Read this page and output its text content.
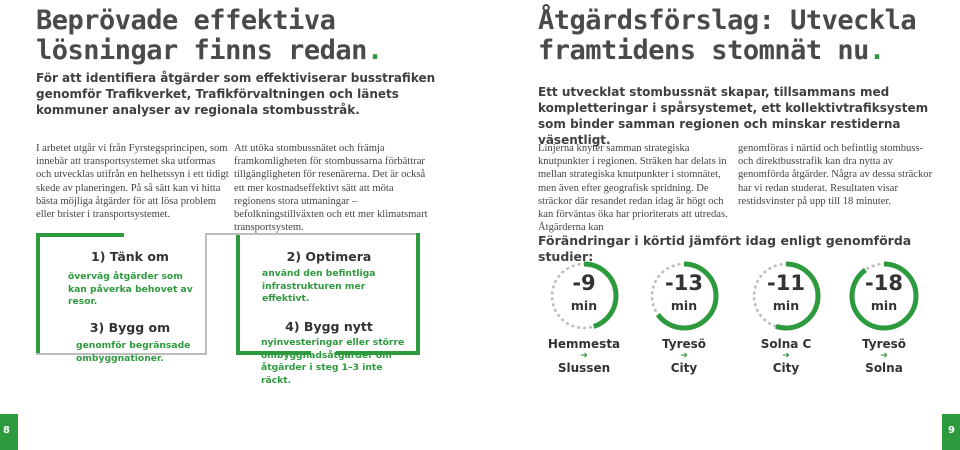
Beprövade effektiva
lösningar finns redan.
För att identifiera åtgärder som effektiviserar busstrafiken genomför Trafikverket, Trafikförvaltningen och länets kommuner analyser av regionala stombusstråk.
I arbetet utgår vi från Fyrstegsprincipen, som innebär att transportsystemet ska utformas och utvecklas utifrån en helhetssyn i ett tidigt skede av planeringen. På så sätt kan vi hitta bästa möjliga åtgärder för att lösa problem eller brister i transportsystemet.
Att utöka stombussnätet och främja framkomligheten för stombussarna förbättrar tillgängligheten för resenärerna. Det är också ett mer kostnadseffektivt sätt att möta regionens stora utmaningar – befolkningstillväxten och ett mer klimatsmart transportsystem.
1) Tänk om
överväg åtgärder som kan påverka behovet av resor.
2) Optimera
använd den befintliga infrastrukturen mer effektivt.
3) Bygg om
genomför begränsade ombyggnationer.
4) Bygg nytt
nyinvesteringar eller större ombyggnadsåtgärder om åtgärder i steg 1–3 inte räckt.
8
Åtgärdsförslag: Utveckla
framtidens stomnät nu.
Ett utvecklat stombussnät skapar, tillsammans med kompletteringar i spårsystemet, ett kollektivtrafiksystem som binder samman regionen och minskar restiderna väsentligt.
Linjerna knyter samman strategiska knutpunkter i regionen. Sträken har delats in mellan strategiska knutpunkter i stomnätet, men även efter geografisk spridning. De sträckor där resandet redan idag är högt och kan förväntas öka har prioriterats att utredas. Åtgärderna kan
genomföras i närtid och befintlig stombuss- och direktbusstrafik kan dra nytta av genomförda åtgärder. Några av dessa sträckor har vi redan studerat. Resultaten visar restidsvinster på upp till 18 minuter.
Förändringar i körtid jämfört idag enligt genomförda studier:
-9
min
Hemmesta
➜
Slussen
-13
min
Tyresö
➜
City
-11
min
Solna C
➜
City
-18
min
Tyresö
➜
Solna
9
